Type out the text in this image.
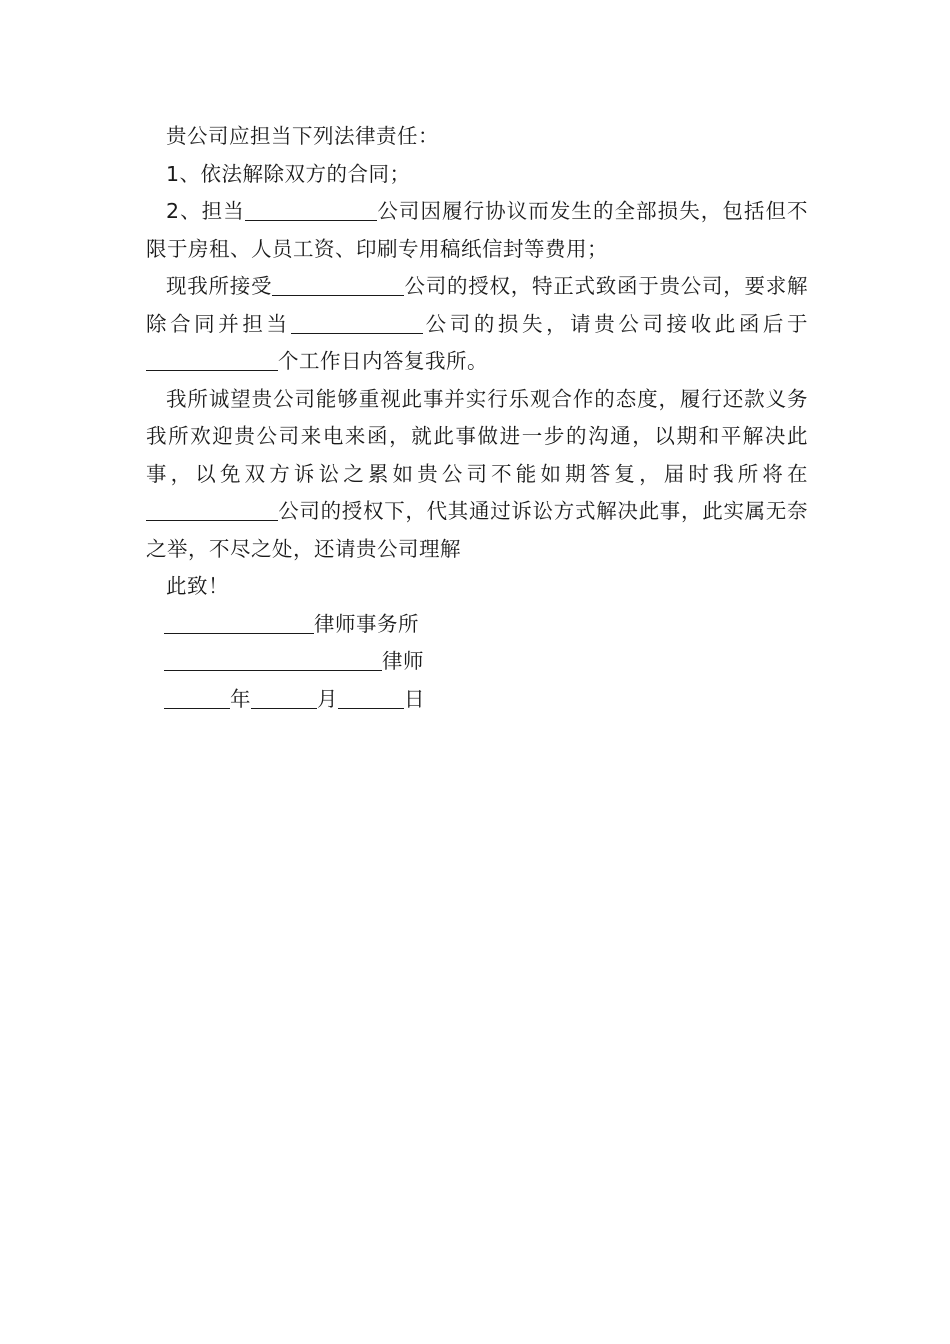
贵公司应担当下列法律责任：

1、依法解除双方的合同；

2、担当	公司因履行协议而发生的全部损失，包括但不限于房租、人员工资、印刷专用稿纸信封等费用；

现我所接受	公司的授权，特正式致函于贵公司，要求解除合同并担当	公司的损失，请贵公司接收此函后于个工作日内答复我所。

我所诚望贵公司能够重视此事并实行乐观合作的态度，履行还款义务我所欢迎贵公司来电来函，就此事做进一步的沟通，以期和平解决此事，以免双方诉讼之累如贵公司不能如期答复，届时我所将在公司的授权下，代其通过诉讼方式解决此事，此实属无奈之举，不尽之处，还请贵公司理解

此致！

律师事务所

律师

年	月	日
